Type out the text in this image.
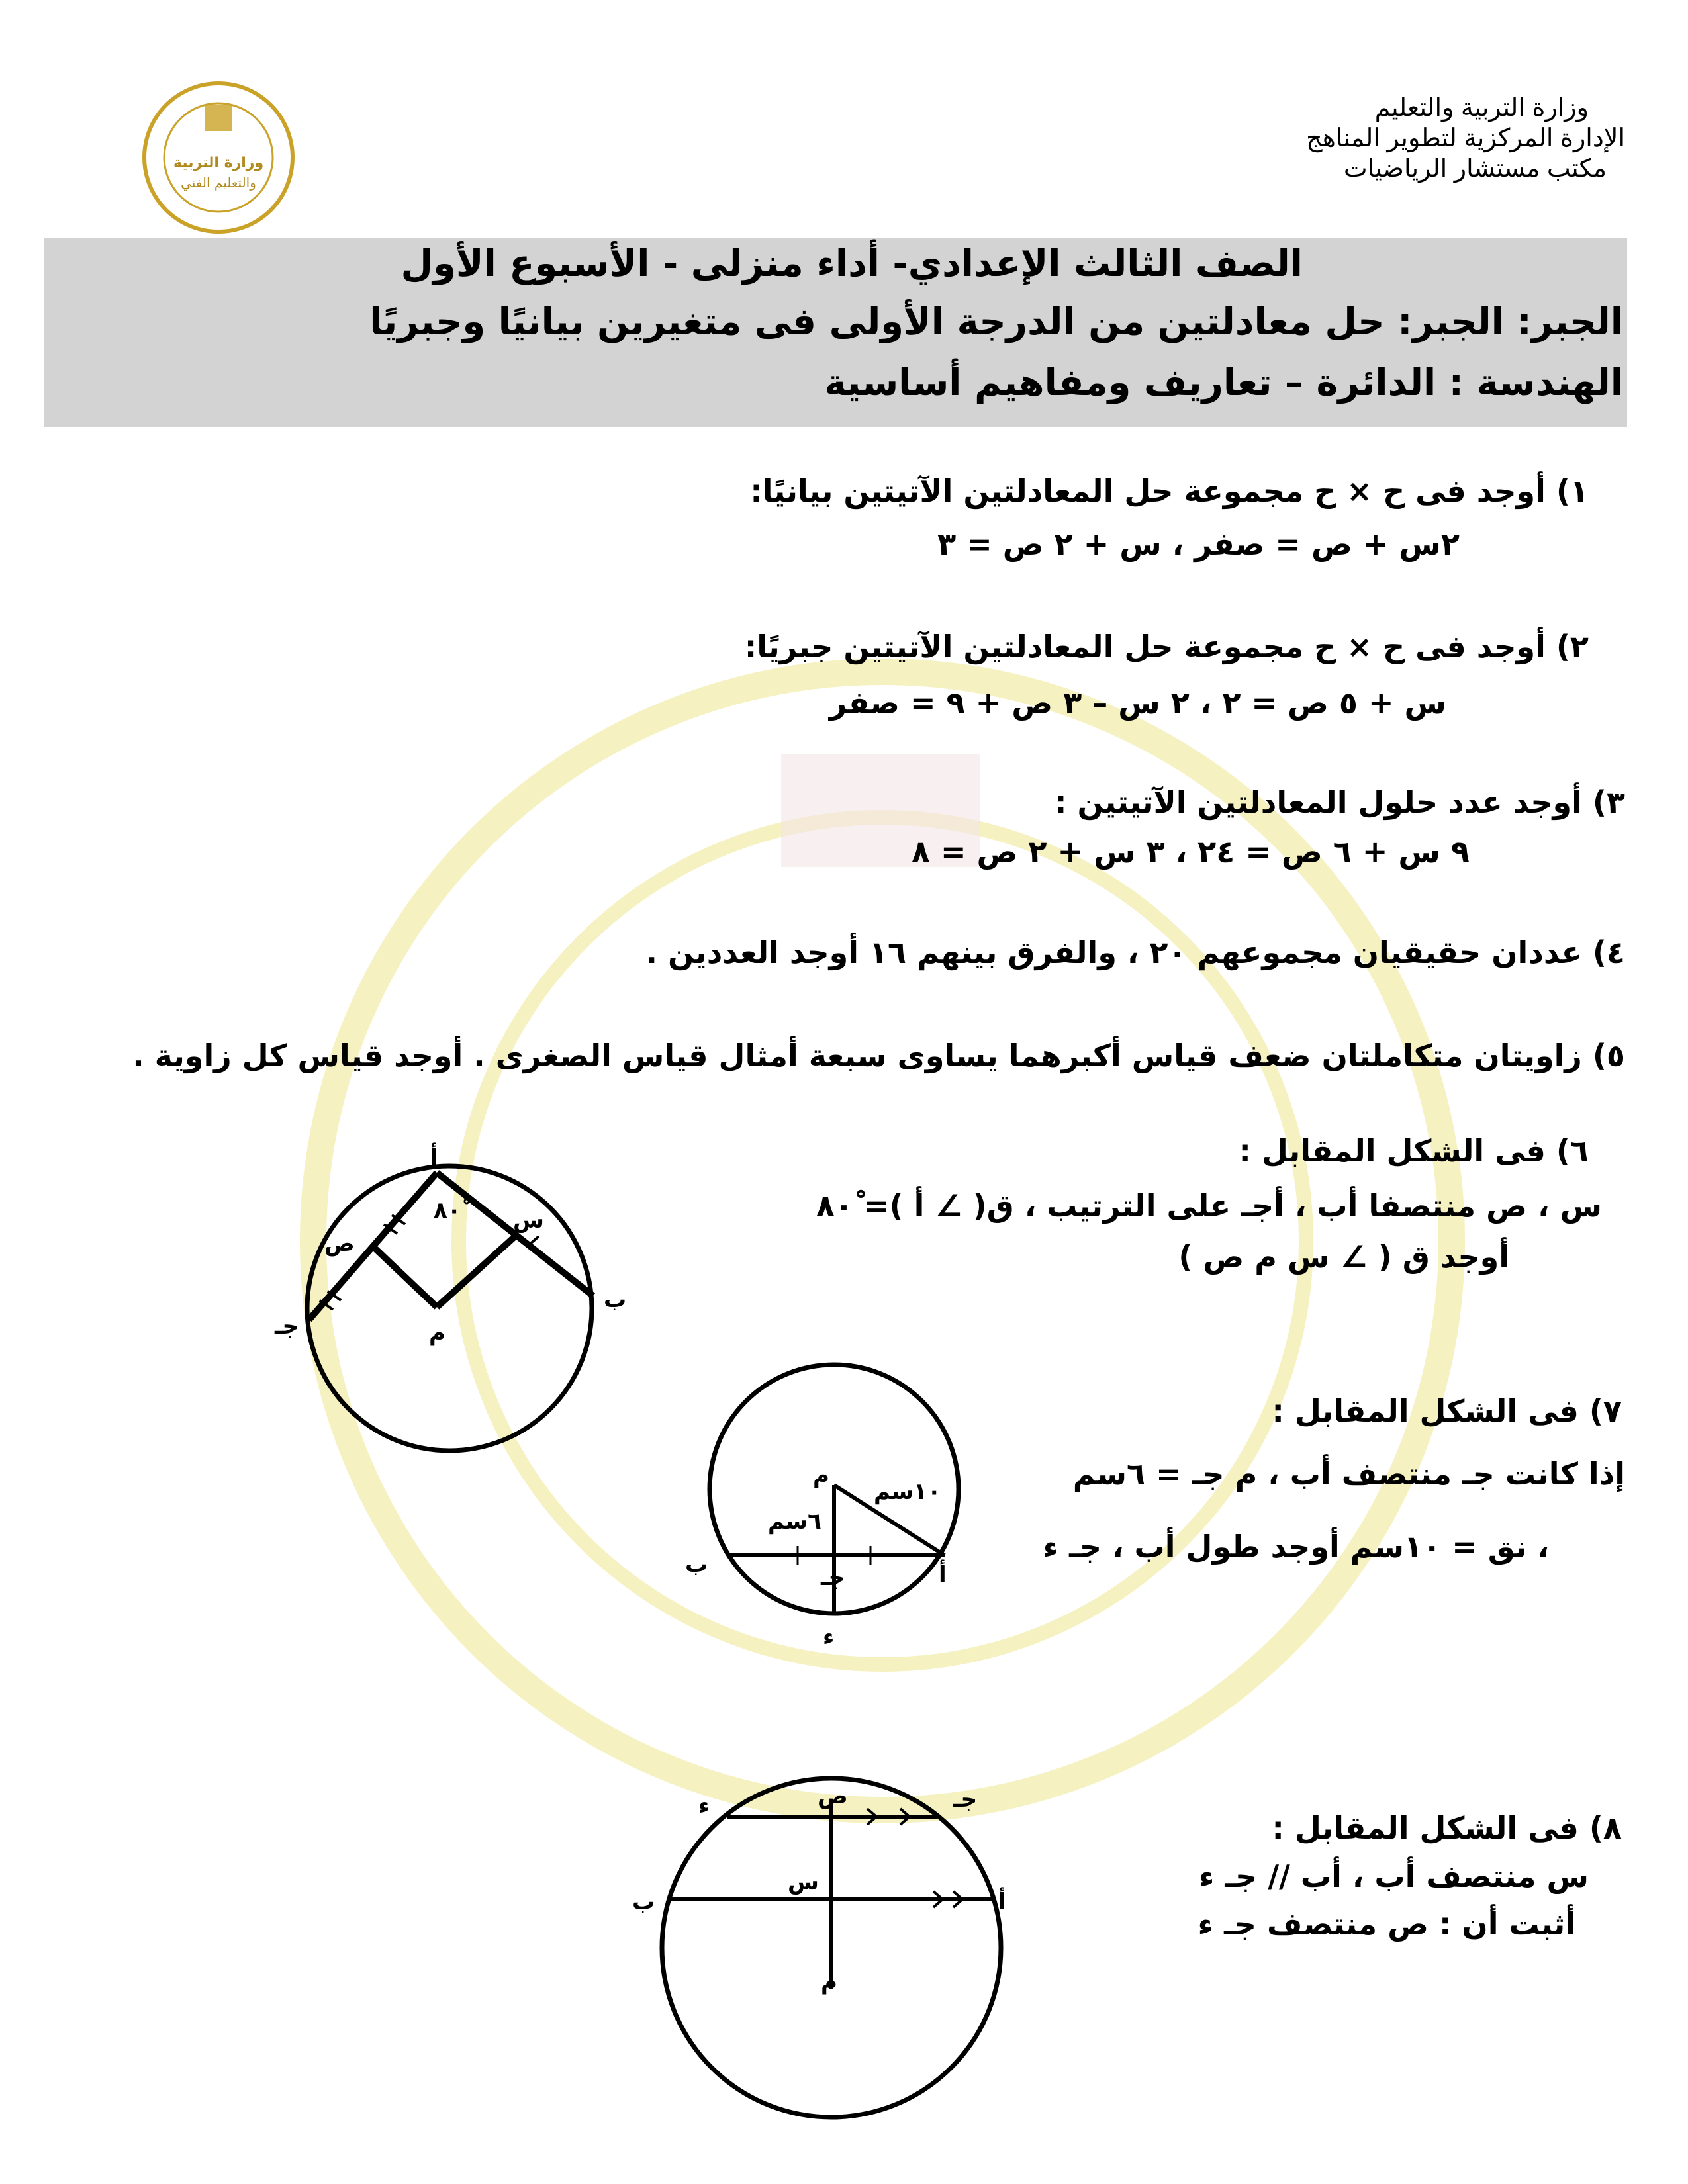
وزارة التربية
والتعليم الفني
وزارة التربية والتعليم
الإدارة المركزية لتطوير المناهج
مكتب مستشار الرياضيات
الصف الثالث الإعدادي- أداء منزلى - الأسبوع الأول
الجبر: الجبر: حل معادلتين من الدرجة الأولى فى متغيرين بيانيًا وجبريًا
الهندسة : الدائرة – تعاريف ومفاهيم أساسية
١) أوجد فى ح × ح مجموعة حل المعادلتين الآتيتين بيانيًا:
٢س + ص = صفر ، س + ٢ ص = ٣
٢) أوجد فى ح × ح مجموعة حل المعادلتين الآتيتين جبريًا:
س + ٥ ص = ٢ ، ٢ س – ٣ ص + ٩ = صفر
٣) أوجد عدد حلول المعادلتين الآتيتين :
٩ س + ٦ ص = ٢٤ ، ٣ س + ٢ ص = ٨
٤) عددان حقيقيان مجموعهم ٢٠ ، والفرق بينهم ١٦ أوجد العددين .
٥) زاويتان متكاملتان ضعف قياس أكبرهما يساوى سبعة أمثال قياس الصغرى . أوجد قياس كل زاوية .
٦) فى الشكل المقابل :
س ، ص منتصفا أب ، أجـ على الترتيب ، ق( ∠ أ )= ٨٠ْ
أوجد ق ( ∠ س م ص )
٧) فى الشكل المقابل :
إذا كانت جـ منتصف أب ، م جـ = ٦سم
، نق = ١٠سم أوجد طول أب ، جـ ء
٨) فى الشكل المقابل :
س منتصف أب ، أب // جـ ء
أثبت أن : ص منتصف جـ ء
أ
ب
جـ	م
س
ص
٨٠ْ
أ
ب	جـ
م
ء
١٠سم
٦سم
أ
ب
جـ
ء
م
س
ص
